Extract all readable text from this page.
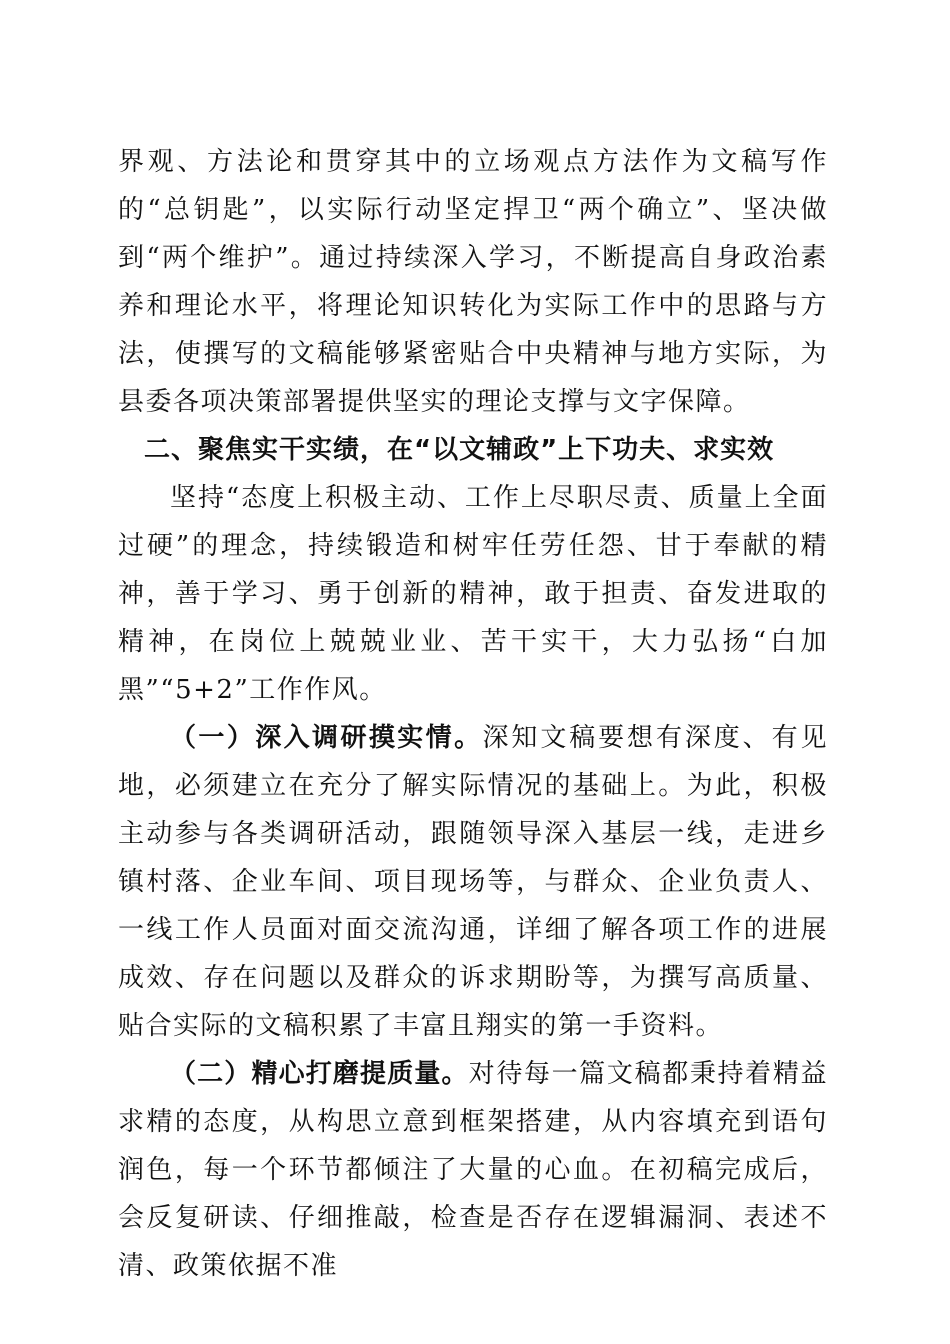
界观、方法论和贯穿其中的立场观点方法作为文稿写作的“总钥匙”，以实际行动坚定捍卫“两个确立”、坚决做到“两个维护”。通过持续深入学习，不断提高自身政治素养和理论水平，将理论知识转化为实际工作中的思路与方法，使撰写的文稿能够紧密贴合中央精神与地方实际，为县委各项决策部署提供坚实的理论支撑与文字保障。

二、聚焦实干实绩，在“以文辅政”上下功夫、求实效

坚持“态度上积极主动、工作上尽职尽责、质量上全面过硬”的理念，持续锻造和树牢任劳任怨、甘于奉献的精神，善于学习、勇于创新的精神，敢于担责、奋发进取的精神，在岗位上兢兢业业、苦干实干，大力弘扬“白加黑”“5+2”工作作风。

（一）深入调研摸实情。深知文稿要想有深度、有见地，必须建立在充分了解实际情况的基础上。为此，积极主动参与各类调研活动，跟随领导深入基层一线，走进乡镇村落、企业车间、项目现场等，与群众、企业负责人、一线工作人员面对面交流沟通，详细了解各项工作的进展成效、存在问题以及群众的诉求期盼等，为撰写高质量、贴合实际的文稿积累了丰富且翔实的第一手资料。

（二）精心打磨提质量。对待每一篇文稿都秉持着精益求精的态度，从构思立意到框架搭建，从内容填充到语句润色，每一个环节都倾注了大量的心血。在初稿完成后，会反复研读、仔细推敲，检查是否存在逻辑漏洞、表述不清、政策依据不准
